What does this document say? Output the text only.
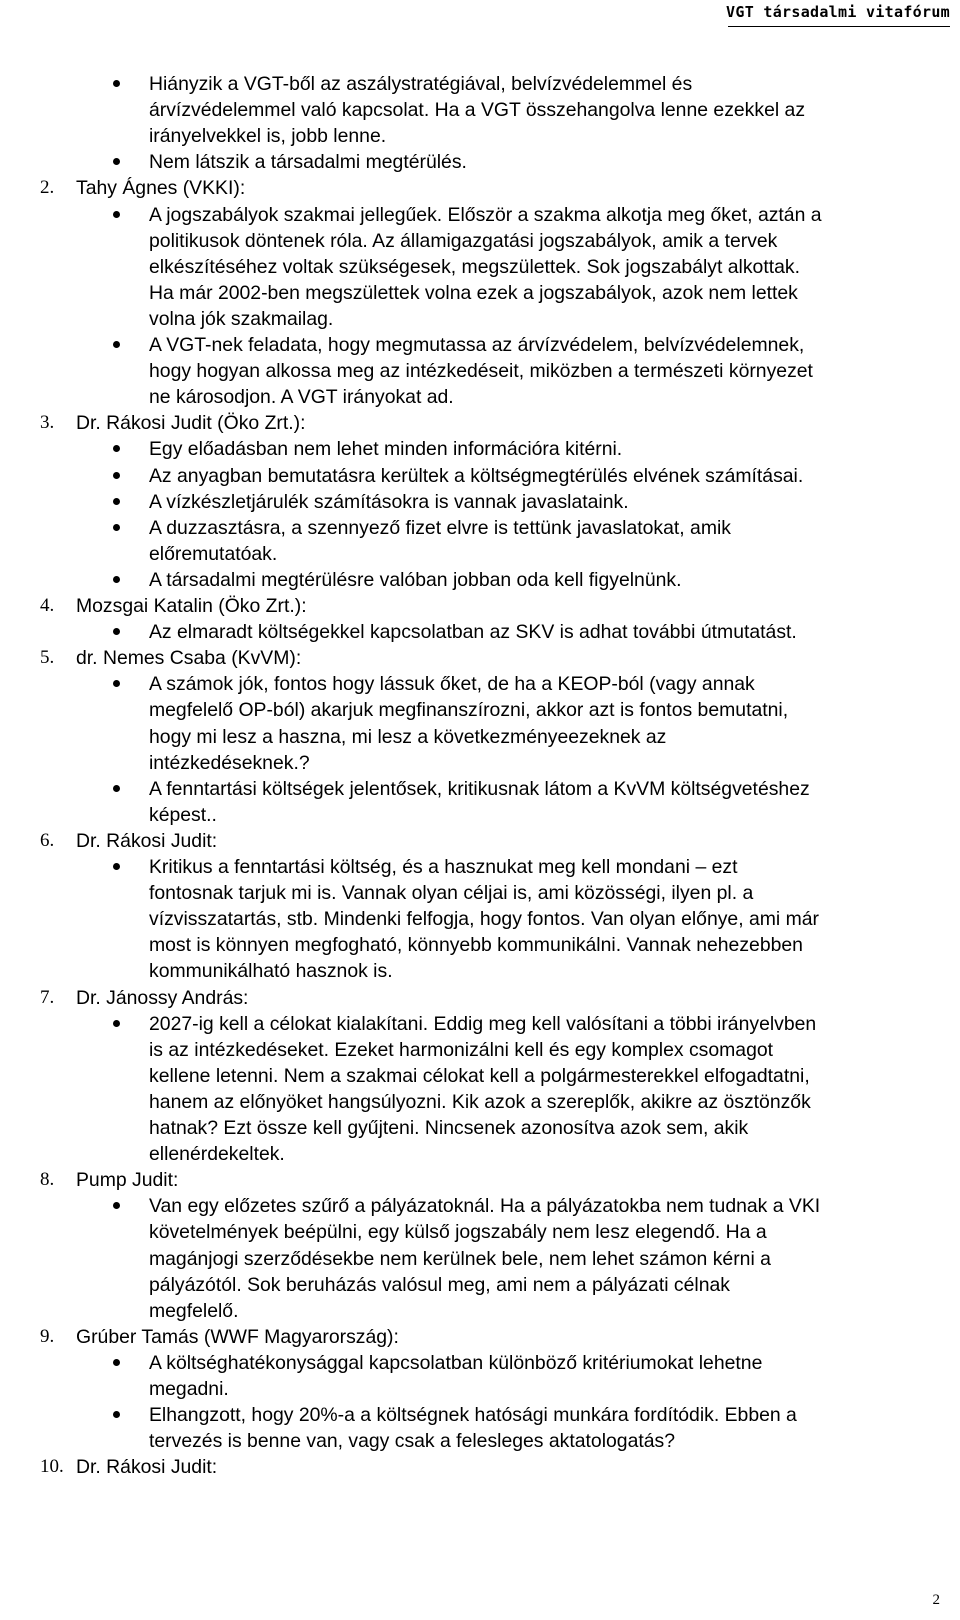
VGT társadalmi vitafórum
Hiányzik a VGT-ből az aszálystratégiával, belvízvédelemmel és
árvízvédelemmel való kapcsolat. Ha a VGT összehangolva lenne ezekkel az
irányelvekkel is, jobb lenne.
Nem látszik a társadalmi megtérülés.
2. Tahy Ágnes (VKKI):
A jogszabályok szakmai jellegűek. Először a szakma alkotja meg őket, aztán a
politikusok döntenek róla. Az államigazgatási jogszabályok, amik a tervek
elkészítéséhez voltak szükségesek, megszülettek. Sok jogszabályt alkottak.
Ha már 2002-ben megszülettek volna ezek a jogszabályok, azok nem lettek
volna jók szakmailag.
A VGT-nek feladata, hogy megmutassa az árvízvédelem, belvízvédelemnek,
hogy hogyan alkossa meg az intézkedéseit, miközben a természeti környezet
ne károsodjon. A VGT irányokat ad.
3. Dr. Rákosi Judit (Öko Zrt.):
Egy előadásban nem lehet minden információra kitérni.
Az anyagban bemutatásra kerültek a költségmegtérülés elvének számításai.
A vízkészletjárulék számításokra is vannak javaslataink.
A duzzasztásra, a szennyező fizet elvre is tettünk javaslatokat, amik
előremutatóak.
A társadalmi megtérülésre valóban jobban oda kell figyelnünk.
4. Mozsgai Katalin (Öko Zrt.):
Az elmaradt költségekkel kapcsolatban az SKV is adhat további útmutatást.
5. dr. Nemes Csaba (KvVM):
A számok jók, fontos hogy lássuk őket, de ha a KEOP-ból (vagy annak
megfelelő OP-ból) akarjuk megfinanszírozni, akkor azt is fontos bemutatni,
hogy mi lesz a haszna, mi lesz a következményeezeknek az
intézkedéseknek.?
A fenntartási költségek jelentősek, kritikusnak látom a KvVM költségvetéshez
képest..
6. Dr. Rákosi Judit:
Kritikus a fenntartási költség, és a hasznukat meg kell mondani – ezt
fontosnak tarjuk mi is. Vannak olyan céljai is, ami közösségi, ilyen pl. a
vízvisszatartás, stb. Mindenki felfogja, hogy fontos. Van olyan előnye, ami már
most is könnyen megfogható, könnyebb kommunikálni. Vannak nehezebben
kommunikálható hasznok is.
7. Dr. Jánossy András:
2027-ig kell a célokat kialakítani. Eddig meg kell valósítani a többi irányelvben
is az intézkedéseket. Ezeket harmonizálni kell és egy komplex csomagot
kellene letenni. Nem a szakmai célokat kell a polgármesterekkel elfogadtatni,
hanem az előnyöket hangsúlyozni. Kik azok a szereplők, akikre az ösztönzők
hatnak? Ezt össze kell gyűjteni. Nincsenek azonosítva azok sem, akik
ellenérdekeltek.
8. Pump Judit:
Van egy előzetes szűrő a pályázatoknál. Ha a pályázatokba nem tudnak a VKI
követelmények beépülni, egy külső jogszabály nem lesz elegendő. Ha a
magánjogi szerződésekbe nem kerülnek bele, nem lehet számon kérni a
pályázótól. Sok beruházás valósul meg, ami nem a pályázati célnak
megfelelő.
9. Grúber Tamás (WWF Magyarország):
A költséghatékonysággal kapcsolatban különböző kritériumokat lehetne
megadni.
Elhangzott, hogy 20%-a a költségnek hatósági munkára fordítódik. Ebben a
tervezés is benne van, vagy csak a felesleges aktatologatás?
10. Dr. Rákosi Judit:
2
